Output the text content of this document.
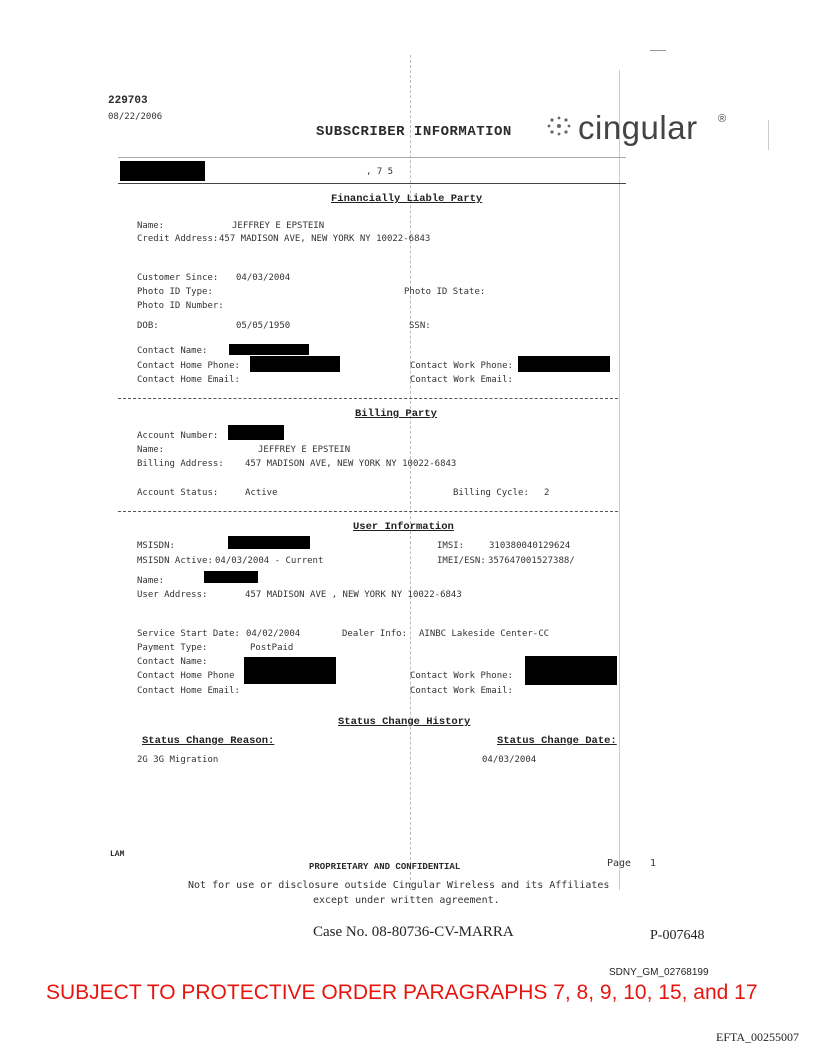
229703
08/22/2006
SUBSCRIBER INFORMATION cingular ®
, 7 5
Financially Liable Party
Name:	JEFFREY E EPSTEIN
Credit Address: 457 MADISON AVE, NEW YORK NY 10022-6843
Customer Since: 04/03/2004
Photo ID Type:	Photo ID State:
Photo ID Number:
DOB:	05/05/1950	SSN:
Contact Name:
Contact Home Phone:	Contact Work Phone:
Contact Home Email:	Contact Work Email:
Billing Party
Account Number:
Name:	JEFFREY E EPSTEIN
Billing Address: 457 MADISON AVE, NEW YORK NY 10022-6843
Account Status:	Active	Billing Cycle: 2
User Information
MSISDN:	IMSI:	310380040129624
MSISDN Active: 04/03/2004 - Current	IMEI/ESN: 357647001527388/
Name:
User Address:	457 MADISON AVE , NEW YORK NY 10022-6843
Service Start Date: 04/02/2004	Dealer Info: AINBC Lakeside Center-CC
Payment Type:	PostPaid
Contact Name:
Contact Home Phone	Contact Work Phone:
Contact Home Email:	Contact Work Email:
Status Change History
Status Change Reason:	Status Change Date:
2G 3G Migration	04/03/2004
LAM
PROPRIETARY AND CONFIDENTIAL	Page 1
Not for use or disclosure outside Cingular Wireless and its Affiliates
except under written agreement.
Case No. 08-80736-CV-MARRA	P-007648
SDNY_GM_02768199
SUBJECT TO PROTECTIVE ORDER PARAGRAPHS 7, 8, 9, 10, 15, and 17
EFTA_00255007
